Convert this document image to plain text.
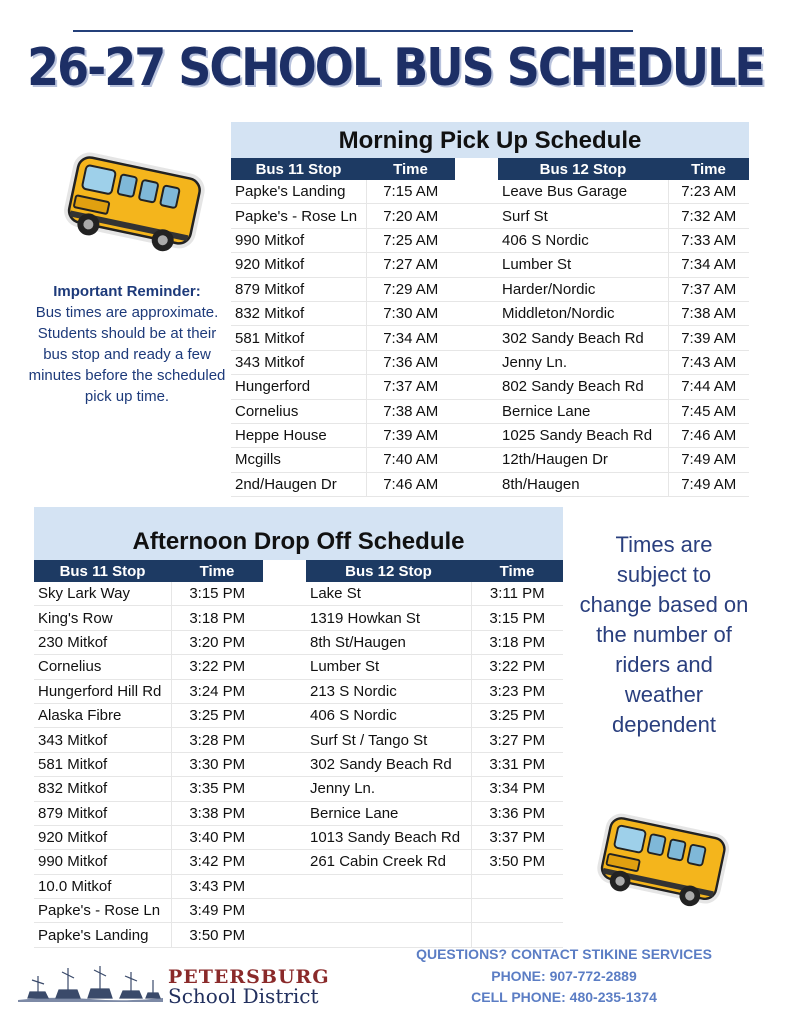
26-27 SCHOOL BUS SCHEDULE
Important Reminder:
Bus times are approximate. Students should be at their bus stop and ready a few minutes before the scheduled pick up time.
Morning Pick Up Schedule
Bus 11 Stop	Time		Bus 12 Stop	Time
Papke's Landing	7:15 AM		Leave Bus Garage	7:23 AM
Papke's - Rose Ln	7:20 AM		Surf St	7:32 AM
990 Mitkof	7:25 AM		406 S Nordic	7:33 AM
920 Mitkof	7:27 AM		Lumber St	7:34 AM
879 Mitkof	7:29 AM		Harder/Nordic	7:37 AM
832 Mitkof	7:30 AM		Middleton/Nordic	7:38 AM
581 Mitkof	7:34 AM		302 Sandy Beach Rd	7:39 AM
343 Mitkof	7:36 AM		Jenny Ln.	7:43 AM
Hungerford	7:37 AM		802 Sandy Beach Rd	7:44 AM
Cornelius	7:38 AM		Bernice Lane	7:45 AM
Heppe House	7:39 AM		1025 Sandy Beach Rd	7:46 AM
Mcgills	7:40 AM		12th/Haugen Dr	7:49 AM
2nd/Haugen Dr	7:46 AM		8th/Haugen	7:49 AM
Afternoon Drop Off Schedule
Bus 11 Stop	Time		Bus 12 Stop	Time
Sky Lark Way	3:15 PM		Lake St	3:11 PM
King's Row	3:18 PM		1319 Howkan St	3:15 PM
230 Mitkof	3:20 PM		8th St/Haugen	3:18 PM
Cornelius	3:22 PM		Lumber St	3:22 PM
Hungerford Hill Rd	3:24 PM		213 S Nordic	3:23 PM
Alaska Fibre	3:25 PM		406 S Nordic	3:25 PM
343 Mitkof	3:28 PM		Surf St / Tango St	3:27 PM
581 Mitkof	3:30 PM		302 Sandy Beach Rd	3:31 PM
832 Mitkof	3:35 PM		Jenny Ln.	3:34 PM
879 Mitkof	3:38 PM		Bernice Lane	3:36 PM
920 Mitkof	3:40 PM		1013 Sandy Beach Rd	3:37 PM
990 Mitkof	3:42 PM		261 Cabin Creek Rd	3:50 PM
10.0 Mitkof	3:43 PM			
Papke's - Rose Ln	3:49 PM			
Papke's Landing	3:50 PM			
Times are subject to change based on the number of riders and weather dependent
QUESTIONS? CONTACT STIKINE SERVICES
PHONE: 907-772-2889
CELL PHONE: 480-235-1374
PETERSBURG
School District
